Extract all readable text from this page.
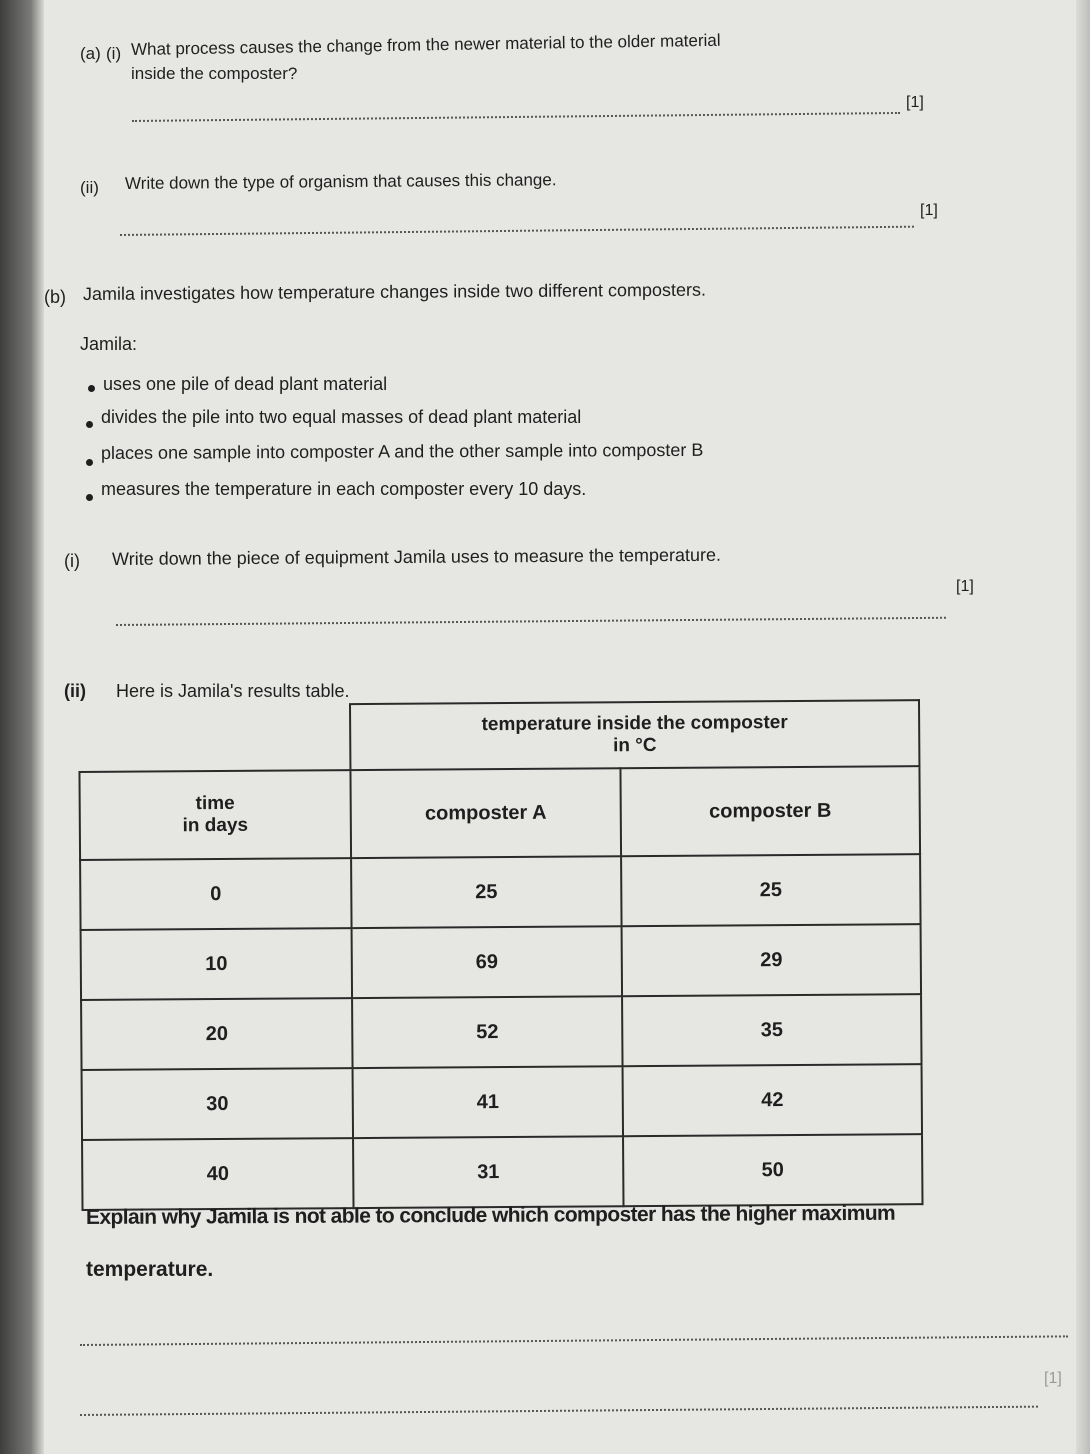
(a) (i) What process causes the change from the newer material to the older material
inside the composter?
[1]
(ii) Write down the type of organism that causes this change.
[1]
(b) Jamila investigates how temperature changes inside two different composters.
Jamila:
uses one pile of dead plant material
divides the pile into two equal masses of dead plant material
places one sample into composter A and the other sample into composter B
measures the temperature in each composter every 10 days.
(i) Write down the piece of equipment Jamila uses to measure the temperature.
[1]
(ii) Here is Jamila's results table.

	temperature inside the composter
in °C	

time
in days	composter A	composter B
0	25	25
10	69	29
20	52	35
30	41	42
40	31	50
Explain why Jamila is not able to conclude which composter has the higher maximum
temperature.
[1]
